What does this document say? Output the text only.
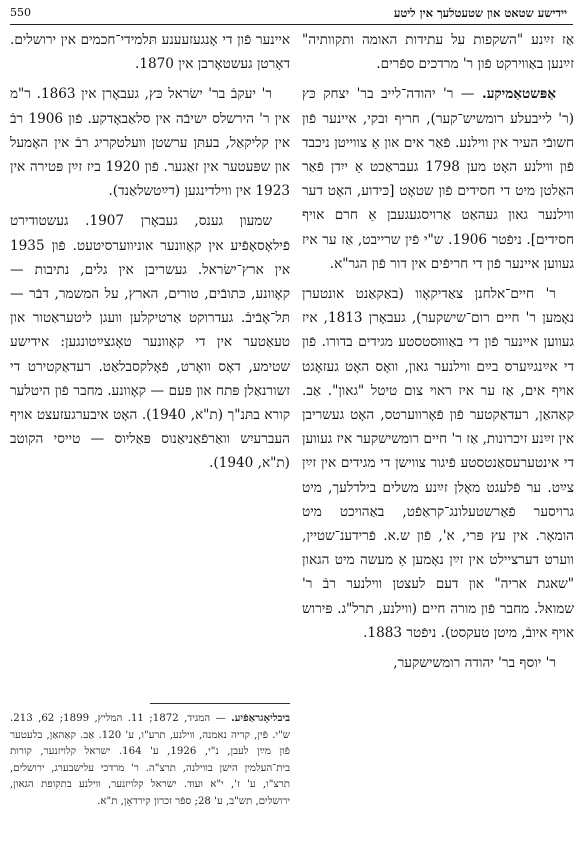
550	יידישע שטאט און שטעטלעך אין ליטע

אַז זײַנע "השקפות על עתידות האומה ותקוותיה" זײַנען באַווירקט פֿון ר' מרדכים ספֿרים.

אַפּשטאַמיקע. — ר' יהודה־לייב בר' יצחק כּץ (ר' לייבעלע רומשיש־קער), חריף ובקי, איינער פֿון חשובֿי העיר אין ווילנע. פֿאַר אים און אַ צווייטן ניכבד פֿון ווילנע האָט מען 1798 געבראַכט אַ ייִדן פֿאַר האַלטן מיט די חסידים פֿון שטאָט [כּידוע, האָט דער ווילנער גאון געהאַט אַרויסגעגעבן אַ חרם אויף חסידים]. ניפֿטר 1906. ש"י פֿין שרייבט, אַז ער איז געווען איינער פֿון די חריפֿים אין דור פֿון הגר"א.

ר' חיים־אלחנן צאַדיקאָוו (באַקאַנט אונטערן נאָמען ר' חיים רום־שישקער), געבאָרן 1813, איז געווען איינער פֿון די באַוווּסטסטע מגידים בדורו. פֿון די אײַנגײַערס בײַם ווילנער גאון, וואָס האָט געזאָגט אויף אים, אַז ער איז ראוי צום טיטל "גאון". אַב. קאַהאַן, רעדאַקטער פֿון פֿאָרווערטס, האָט געשריבן אין זײַנע זיכרונות, אַז ר' חיים רומשישקער איז געווען די אינטערעסאַנטסטע פֿיגור צווישן די מגידים אין זײַן צײַט. ער פֿלעגט מאָלן זײַנע משלים בילדלעך, מיט גרויסער פֿאַרשטעלונג־קראַפֿט, באַהויכט מיט הומאָר. אין עץ פּרי, א', פֿון ש.א. פֿרידענ־שטיין, ווערט דערציילט אין זײַן נאָמען אַ מעשה מיט הגאון "שאגת אריה" און דעם לעצטן ווילנער רבֿ ר' שמואל. מחבר פֿון מורה חיים (ווילנע, תרל"ג. פּירוש אויף איובֿ, מיטן טעקסט). ניפֿטר 1883.

ר' יוסף בר' יהודה רומשישקער,

איינער פֿון די אָנגעזעענע תּלמידי־חכמים אין ירושלים. דאָרטן געשטאָרבן אין 1870.

ר' יעקבֿ בר' ישׂראל כּץ, געבאָרן אין 1863. ר"מ אין ר' הירשלס ישיבֿה אין סלאַבאָדקע. פֿון 1906 רבֿ אין קליקאַל, בעתּן ערשטן וועלטקריג רבֿ אין האָמעל און שפּעטער אין זאַגער. פֿון 1920 ביז זײַן פּטירה אין 1923 אין ווילדינגען (דײַטשלאַנד).

שמעון גענס, געבאָרן 1907. געשטודירט פֿילאָסאָפֿיע אין קאָוונער אוניווערסיטעט. פֿון 1935 אין ארץ־ישׂראל. געשריבן אין גלים, נתיבות — קאָוונע, כּתובֿים, טורים, הארץ, על המשמר, דבֿר — תּל־אָבֿיבֿ. געדרוקט אַרטיקלען וועגן ליטעראַטור און טעאַטער אין די קאָוונער טאָגצײַטונגען: אידישע שטימע, דאָס וואָרט, פֿאָלקסבלאַט. רעדאַקטירט די זשורנאַלן פּתח און פּעם — קאָוונע. מחבר פֿון היטלער קורא בתּנ"ך (ת"א, 1940). האָט איבערגעזעצט אויף העברעיִש וואַרפֿאַניאַנוס פּאַליוס — טייסי הקוטב (ת"א, 1940).

ביבליאָגראַפֿיע. — המגיד, 1872; 11. המליץ, 1899; 62, 213. ש"י. פֿין, קריה נאמנה, ווילנע, תרע"ו, ע' 120. אַב. קאַהאַן, בלעטער פֿון מײַן לעבן, נ"י, 1926, ע' 164. ישראל קלויזנער, קורות בית־העלמין הישן בווילנה, תרצ"ה. ר' מרדכי עלישבערג, ירושלים, תרצ"ו, ע' ז', י"א ועוד. ישראל קלויזנער, ווילנע בתקופת הגאון, ירושלים, תש"ב, ע' 28; ספֿר זכרון קירדאָן, ת"א.
